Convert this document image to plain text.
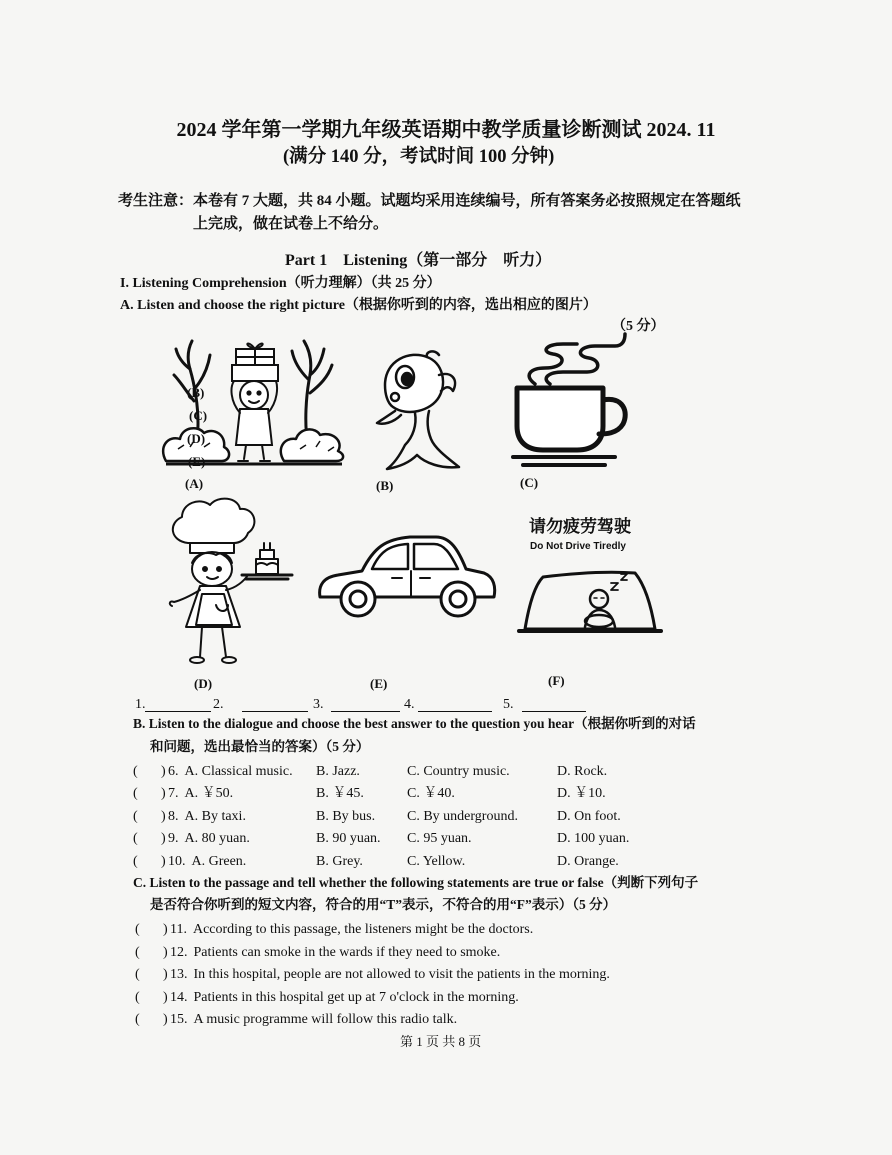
2024 学年第一学期九年级英语期中教学质量诊断测试 2024. 11
(满分 140 分，考试时间 100 分钟)
考生注意：本卷有 7 大题，共 84 小题。试题均采用连续编号，所有答案务必按照规定在答题纸
上完成，做在试卷上不给分。
Part 1    Listening（第一部分    听力）
I. Listening Comprehension（听力理解）（共 25 分）
A. Listen and choose the right picture（根据你听到的内容，选出相应的图片）
（5 分）
(B)
(C)
(D)
(E)
(A)	(B)	(C)
(D)	(E)
请勿疲劳驾驶
Do Not Drive Tiredly
(F)
1.	2.	3.	4.	5.
B. Listen to the dialogue and choose the best answer to the question you hear（根据你听到的对话
和问题，选出最恰当的答案）（5 分）
( ) 6. A. Classical music. B. Jazz.	C. Country music.	D. Rock.
( ) 7. A. ￥50.	B. ￥45.	C. ￥40.	D. ￥10.
( ) 8. A. By taxi.	B. By bus. C. By underground.	D. On foot.
( ) 9. A. 80 yuan.	B. 90 yuan. C. 95 yuan.	D. 100 yuan.
( ) 10. A. Green.	B. Grey.	C. Yellow.	D. Orange.
C. Listen to the passage and tell whether the following statements are true or false（判断下列句子
是否符合你听到的短文内容，符合的用“T”表示，不符合的用“F”表示）（5 分）
( ) 11. According to this passage, the listeners might be the doctors.
( ) 12. Patients can smoke in the wards if they need to smoke.
( ) 13. In this hospital, people are not allowed to visit the patients in the morning.
( ) 14. Patients in this hospital get up at 7 o'clock in the morning.
( ) 15. A music programme will follow this radio talk.
第 1 页 共 8 页
